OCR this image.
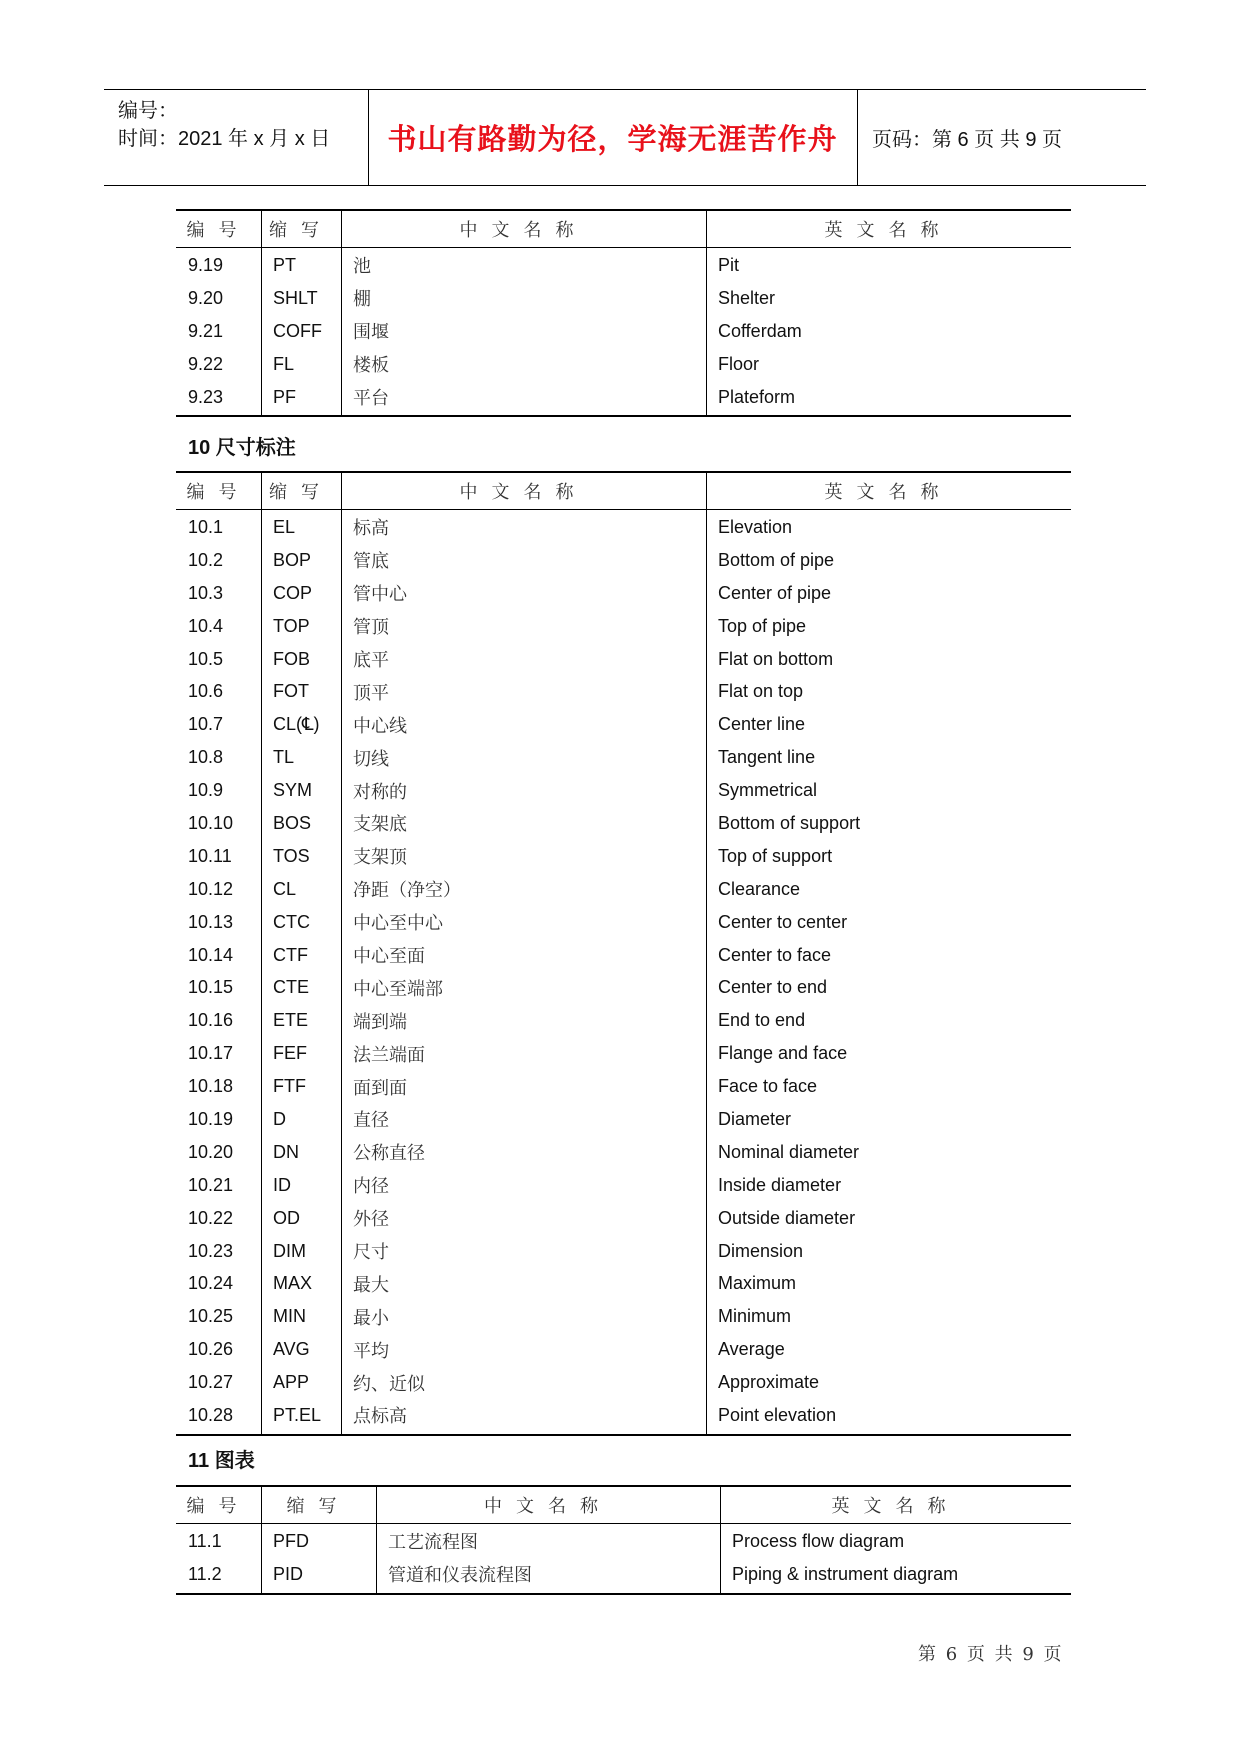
编号：
时间：2021 年 x 月 x 日 书山有路勤为径，学海无涯苦作舟	页码：第 6 页 共 9 页
编号	缩写	中文名称	英文名称
9.19	PT	池	Pit
9.20	SHLT	棚	Shelter
9.21	COFF	围堰	Cofferdam
9.22	FL	楼板	Floor
9.23	PF	平台	Plateform
10 尺寸标注
编号	缩写	中文名称	英文名称
10.1	EL	标高	Elevation
10.2	BOP	管底	Bottom of pipe
10.3	COP	管中心	Center of pipe
10.4	TOP	管顶	Top of pipe
10.5	FOB	底平	Flat on bottom
10.6	FOT	顶平	Flat on top
10.7	CL(℄)	中心线	Center line
10.8	TL	切线	Tangent line
10.9	SYM	对称的	Symmetrical
10.10	BOS	支架底	Bottom of support
10.11	TOS	支架顶	Top of support
10.12	CL	净距（净空）	Clearance
10.13	CTC	中心至中心	Center to center
10.14	CTF	中心至面	Center to face
10.15	CTE	中心至端部	Center to end
10.16	ETE	端到端	End to end
10.17	FEF	法兰端面	Flange and face
10.18	FTF	面到面	Face to face
10.19	D	直径	Diameter
10.20	DN	公称直径	Nominal diameter
10.21	ID	内径	Inside diameter
10.22	OD	外径	Outside diameter
10.23	DIM	尺寸	Dimension
10.24	MAX	最大	Maximum
10.25	MIN	最小	Minimum
10.26	AVG	平均	Average
10.27	APP	约、近似	Approximate
10.28	PT.EL	点标高	Point elevation
11 图表
编号	缩写	中文名称	英文名称
11.1	PFD	工艺流程图	Process flow diagram
11.2	PID	管道和仪表流程图	Piping & instrument diagram
第 6 页 共 9 页
